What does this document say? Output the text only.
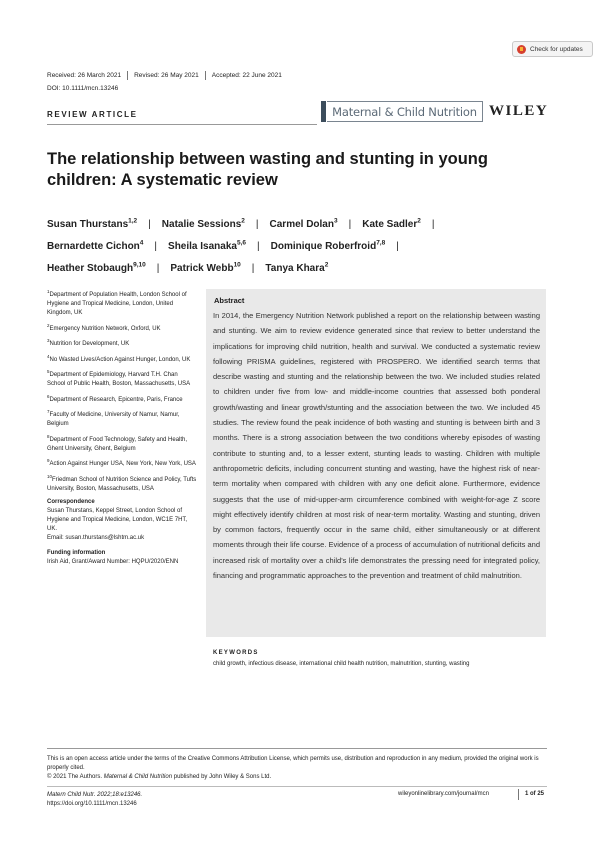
Check for updates
Received: 26 March 2021 Revised: 26 May 2021 Accepted: 22 June 2021
DOI: 10.1111/mcn.13246
REVIEW ARTICLE	Maternal & Child Nutrition WILEY
The relationship between wasting and stunting in young
children: A systematic review
Susan Thurstans$^{1,2}$ | Natalie Sessions$^2$ | Carmel Dolan$^3$ | Kate Sadler$^2$ |
Bernardette Cichon$^4$ | Sheila Isanaka$^{5,6}$ | Dominique Roberfroid$^{7,8}$ |
Heather Stobaugh$^{9,10}$ | Patrick Webb$^{10}$ | Tanya Khara$^2$
$^1$Department of Population Health, London School of Hygiene and Tropical Medicine, London, United Kingdom, UK
$^2$Emergency Nutrition Network, Oxford, UK
$^3$Nutrition for Development, UK
$^4$No Wasted Lives/Action Against Hunger, London, UK
$^5$Department of Epidemiology, Harvard T.H. Chan School of Public Health, Boston, Massachusetts, USA
$^6$Department of Research, Epicentre, Paris, France
$^7$Faculty of Medicine, University of Namur, Namur, Belgium
$^8$Department of Food Technology, Safety and Health, Ghent University, Ghent, Belgium
$^9$Action Against Hunger USA, New York, New York, USA
$^{10}$Friedman School of Nutrition Science and Policy, Tufts University, Boston, Massachusetts, USA
Correspondence
Susan Thurstans, Keppel Street, London School of Hygiene and Tropical Medicine, London, WC1E 7HT, UK.
Email: susan.thurstans@lshtm.ac.uk
Funding information
Irish Aid, Grant/Award Number: HQPU/2020/ENN
Abstract
In 2014, the Emergency Nutrition Network published a report on the relationship between wasting and stunting. We aim to review evidence generated since that review to better understand the implications for improving child nutrition, health and survival. We conducted a systematic review following PRISMA guidelines, registered with PROSPERO. We identified search terms that describe wasting and stunting and the relationship between the two. We included studies related to children under five from low- and middle-income countries that assessed both ponderal growth/wasting and linear growth/stunting and the association between the two. We included 45 studies. The review found the peak incidence of both wasting and stunting is between birth and 3 months. There is a strong association between the two conditions whereby episodes of wasting contribute to stunting and, to a lesser extent, stunting leads to wasting. Children with multiple anthropometric deficits, including concurrent stunting and wasting, have the highest risk of near-term mortality when compared with children with any one deficit alone. Furthermore, evidence suggests that the use of mid-upper-arm circumference combined with weight-for-age Z score might effectively identify children at most risk of near-term mortality. Wasting and stunting, driven by common factors, frequently occur in the same child, either simultaneously or at different moments through their life course. Evidence of a process of accumulation of nutritional deficits and increased risk of mortality over a child's life demonstrates the pressing need for integrated policy, financing and programmatic approaches to the prevention and treatment of child malnutrition.
KEYWORDS
child growth, infectious disease, international child health nutrition, malnutrition, stunting, wasting
This is an open access article under the terms of the Creative Commons Attribution License, which permits use, distribution and reproduction in any medium, provided the original work is properly cited.
© 2021 The Authors. Maternal & Child Nutrition published by John Wiley & Sons Ltd.
Matern Child Nutr. 2022;18:e13246.
https://doi.org/10.1111/mcn.13246
wileyonlinelibrary.com/journal/mcn	1 of 25
